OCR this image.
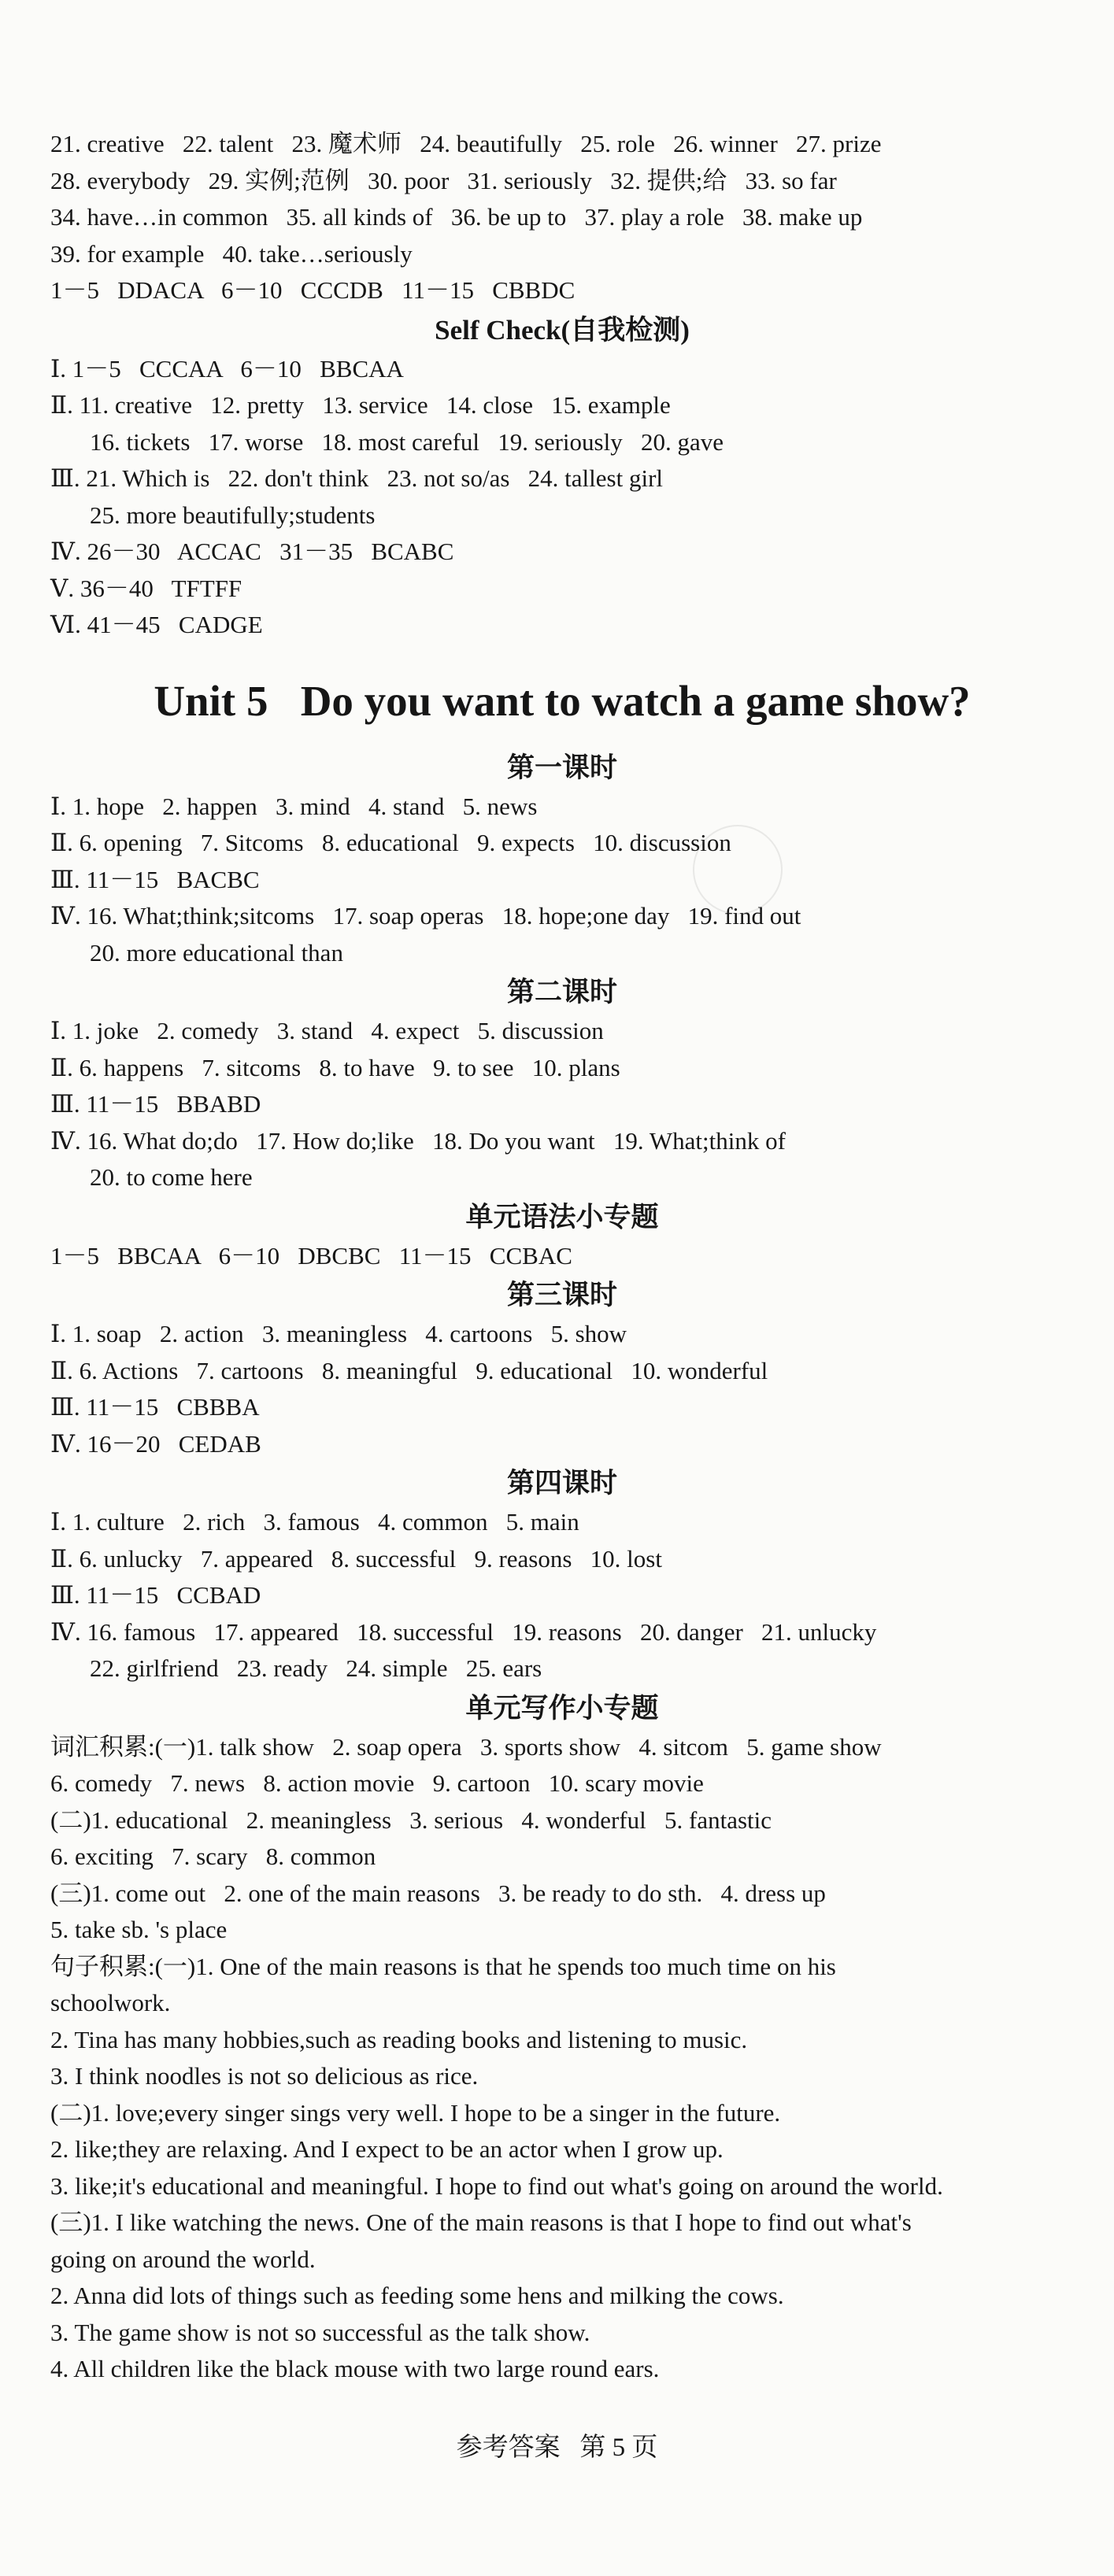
21. creative   22. talent   23. 魔术师   24. beautifully   25. role   26. winner   27. prize

28. everybody   29. 实例;范例   30. poor   31. seriously   32. 提供;给   33. so far

34. have…in common   35. all kinds of   36. be up to   37. play a role   38. make up

39. for example   40. take…seriously

1－5   DDACA   6－10   CCCDB   11－15   CBBDC

Self Check(自我检测)

Ⅰ. 1－5   CCCAA   6－10   BBCAA

Ⅱ. 11. creative   12. pretty   13. service   14. close   15. example

16. tickets   17. worse   18. most careful   19. seriously   20. gave

Ⅲ. 21. Which is   22. don't think   23. not so/as   24. tallest girl

25. more beautifully;students

Ⅳ. 26－30   ACCAC   31－35   BCABC

Ⅴ. 36－40   TFTFF

Ⅵ. 41－45   CADGE

Unit 5   Do you want to watch a game show?
第一课时

Ⅰ. 1. hope   2. happen   3. mind   4. stand   5. news

Ⅱ. 6. opening   7. Sitcoms   8. educational   9. expects   10. discussion

Ⅲ. 11－15   BACBC

Ⅳ. 16. What;think;sitcoms   17. soap operas   18. hope;one day   19. find out

20. more educational than

第二课时

Ⅰ. 1. joke   2. comedy   3. stand   4. expect   5. discussion

Ⅱ. 6. happens   7. sitcoms   8. to have   9. to see   10. plans

Ⅲ. 11－15   BBABD

Ⅳ. 16. What do;do   17. How do;like   18. Do you want   19. What;think of

20. to come here

单元语法小专题

1－5   BBCAA   6－10   DBCBC   11－15   CCBAC

第三课时

Ⅰ. 1. soap   2. action   3. meaningless   4. cartoons   5. show

Ⅱ. 6. Actions   7. cartoons   8. meaningful   9. educational   10. wonderful

Ⅲ. 11－15   CBBBA

Ⅳ. 16－20   CEDAB

第四课时

Ⅰ. 1. culture   2. rich   3. famous   4. common   5. main

Ⅱ. 6. unlucky   7. appeared   8. successful   9. reasons   10. lost

Ⅲ. 11－15   CCBAD

Ⅳ. 16. famous   17. appeared   18. successful   19. reasons   20. danger   21. unlucky

22. girlfriend   23. ready   24. simple   25. ears

单元写作小专题

词汇积累:(一)1. talk show   2. soap opera   3. sports show   4. sitcom   5. game show

6. comedy   7. news   8. action movie   9. cartoon   10. scary movie

(二)1. educational   2. meaningless   3. serious   4. wonderful   5. fantastic

6. exciting   7. scary   8. common

(三)1. come out   2. one of the main reasons   3. be ready to do sth.   4. dress up

5. take sb. 's place

句子积累:(一)1. One of the main reasons is that he spends too much time on his

schoolwork.

2. Tina has many hobbies,such as reading books and listening to music.

3. I think noodles is not so delicious as rice.

(二)1. love;every singer sings very well. I hope to be a singer in the future.

2. like;they are relaxing. And I expect to be an actor when I grow up.

3. like;it's educational and meaningful. I hope to find out what's going on around the world.

(三)1. I like watching the news. One of the main reasons is that I hope to find out what's

going on around the world.

2. Anna did lots of things such as feeding some hens and milking the cows.

3. The game show is not so successful as the talk show.

4. All children like the black mouse with two large round ears.

参考答案   第 5 页
